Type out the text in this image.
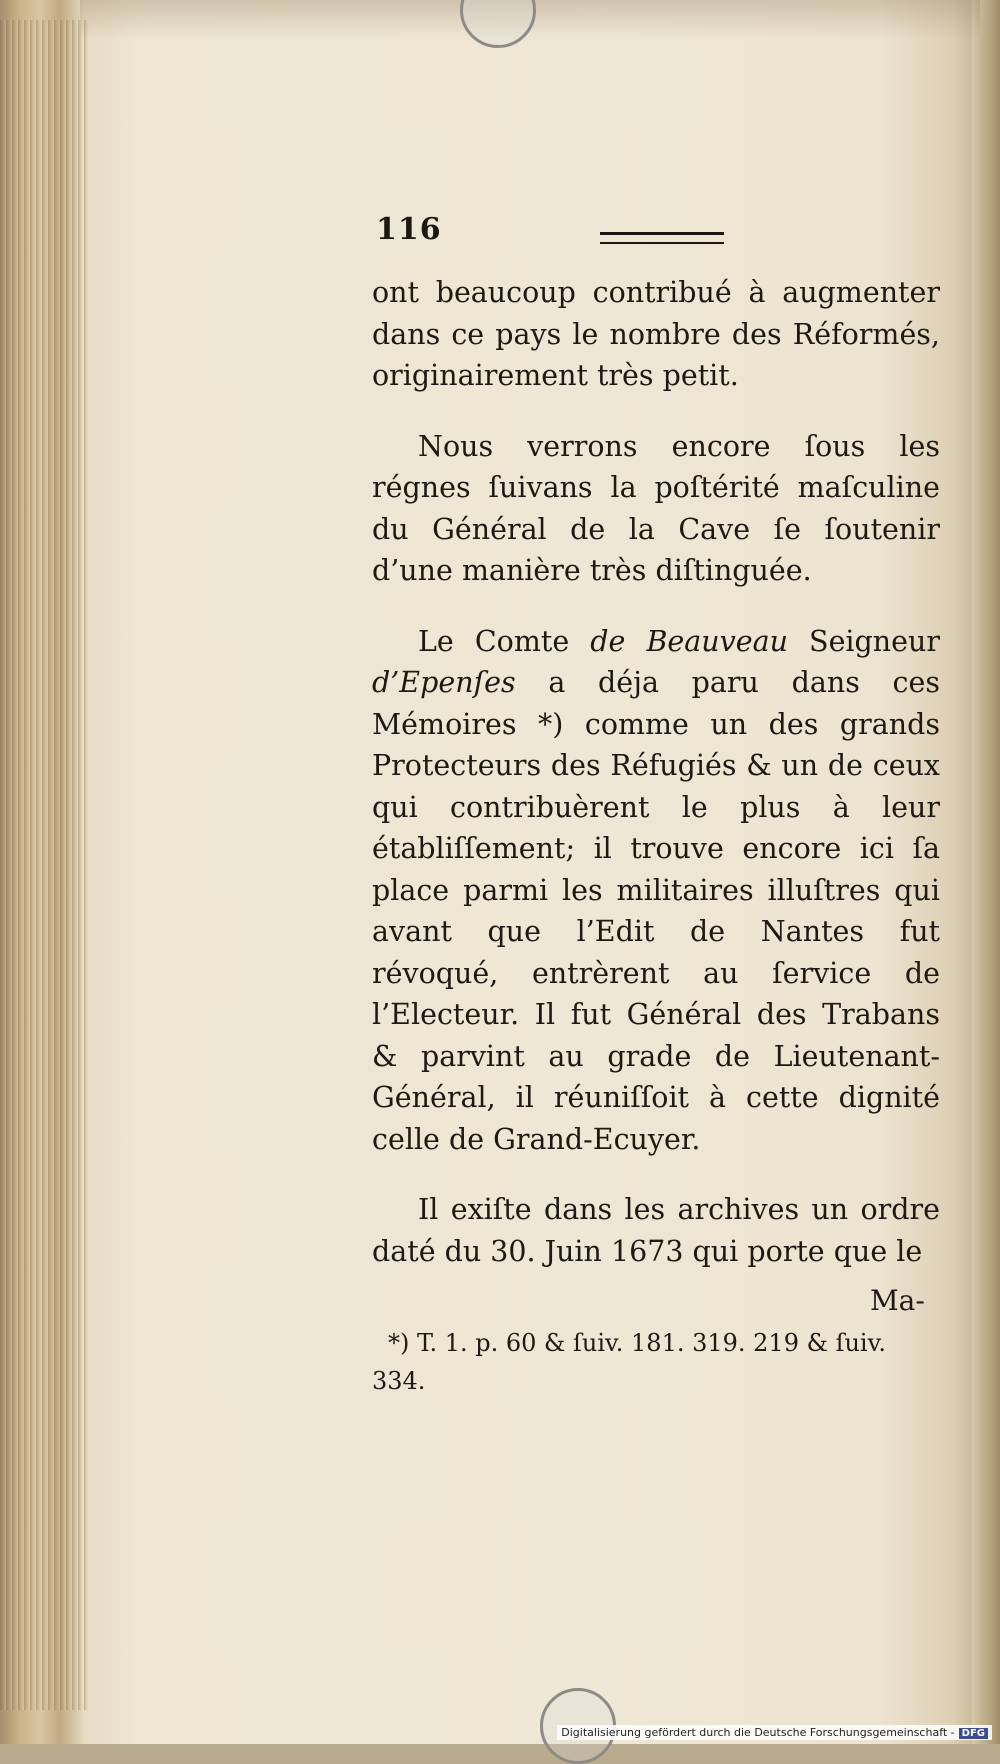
116

ont beaucoup contribué à augmenter dans ce pays le nombre des Réformés, originairement très petit.

Nous verrons encore ſous les régnes ſuivans la poſtérité maſculine du Général de la Cave ſe ſoutenir d’une manière très diſtinguée.

Le Comte de Beauveau Seigneur d’Epenſes a déja paru dans ces Mémoires *) comme un des grands Protecteurs des Réfugiés & un de ceux qui contribuèrent le plus à leur établiſſement; il trouve encore ici ſa place parmi les militaires illuſtres qui avant que l’Edit de Nantes fut révoqué, entrèrent au ſervice de l’Electeur. Il fut Général des Trabans & parvint au grade de Lieutenant-Général, il réuniſſoit à cette dignité celle de Grand-Ecuyer.

Il exiſte dans les archives un ordre daté du 30. Juin 1673 qui porte que le

Ma-
*) T. 1. p. 60 & ſuiv. 181. 319. 219 & ſuiv. 334.
Digitalisierung gefördert durch die Deutsche Forschungsgemeinschaft - DFG
